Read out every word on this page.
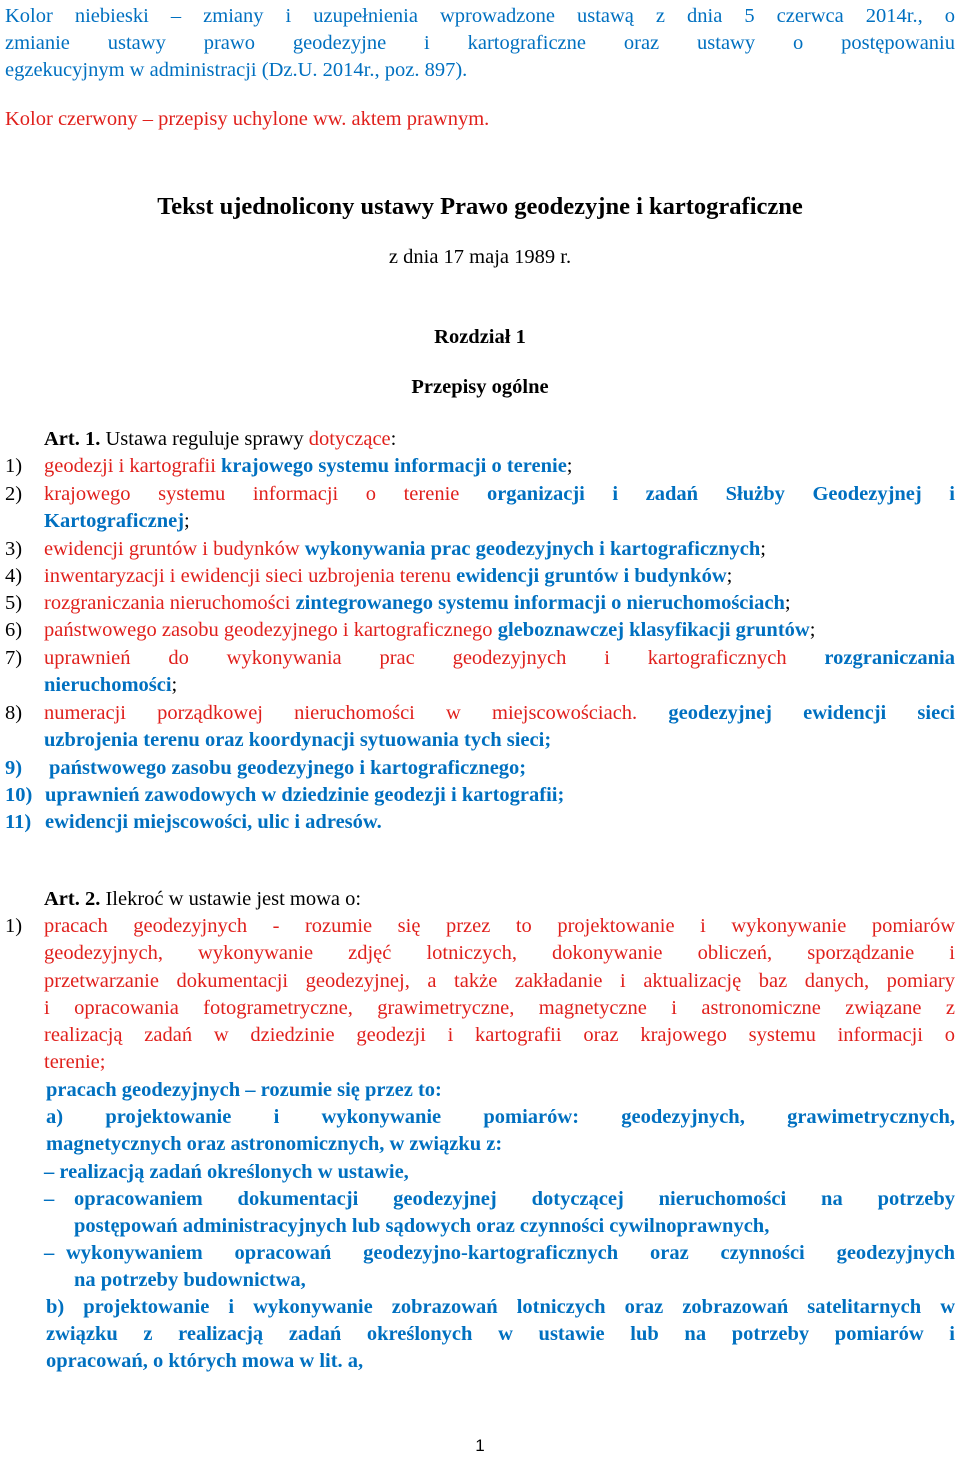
Kolor niebieski – zmiany i uzupełnienia wprowadzone ustawą z dnia 5 czerwca 2014r., o
zmianie ustawy prawo geodezyjne i kartograficzne oraz ustawy o postępowaniu
egzekucyjnym w administracji (Dz.U. 2014r., poz. 897).
Kolor czerwony – przepisy uchylone ww. aktem prawnym.
Tekst ujednolicony ustawy Prawo geodezyjne i kartograficzne
z dnia 17 maja 1989 r.
Rozdział 1
Przepisy ogólne
Art. 1. Ustawa reguluje sprawy dotyczące:
1) geodezji i kartografii krajowego systemu informacji o terenie;
2) krajowego systemu informacji o terenie organizacji i zadań Służby Geodezyjnej i
Kartograficznej;
3) ewidencji gruntów i budynków wykonywania prac geodezyjnych i kartograficznych;
4) inwentaryzacji i ewidencji sieci uzbrojenia terenu ewidencji gruntów i budynków;
5) rozgraniczania nieruchomości zintegrowanego systemu informacji o nieruchomościach;
6) państwowego zasobu geodezyjnego i kartograficznego gleboznawczej klasyfikacji gruntów;
7) uprawnień do wykonywania prac geodezyjnych i kartograficznych rozgraniczania
nieruchomości;
8) numeracji porządkowej nieruchomości w miejscowościach. geodezyjnej ewidencji sieci
uzbrojenia terenu oraz koordynacji sytuowania tych sieci;
9) państwowego zasobu geodezyjnego i kartograficznego;
10) uprawnień zawodowych w dziedzinie geodezji i kartografii;
11) ewidencji miejscowości, ulic i adresów.
Art. 2. Ilekroć w ustawie jest mowa o:
1) pracach geodezyjnych - rozumie się przez to projektowanie i wykonywanie pomiarów
geodezyjnych, wykonywanie zdjęć lotniczych, dokonywanie obliczeń, sporządzanie i
przetwarzanie dokumentacji geodezyjnej, a także zakładanie i aktualizację baz danych, pomiary
i opracowania fotogrametryczne, grawimetryczne, magnetyczne i astronomiczne związane z
realizacją zadań w dziedzinie geodezji i kartografii oraz krajowego systemu informacji o
terenie;
pracach geodezyjnych – rozumie się przez to:
a) projektowanie i wykonywanie pomiarów: geodezyjnych, grawimetrycznych,
magnetycznych oraz astronomicznych, w związku z:
– realizacją zadań określonych w ustawie,
– opracowaniem dokumentacji geodezyjnej dotyczącej nieruchomości na potrzeby
postępowań administracyjnych lub sądowych oraz czynności cywilnoprawnych,
– wykonywaniem opracowań geodezyjno-kartograficznych oraz czynności geodezyjnych
na potrzeby budownictwa,
b) projektowanie i wykonywanie zobrazowań lotniczych oraz zobrazowań satelitarnych w
związku z realizacją zadań określonych w ustawie lub na potrzeby pomiarów i
opracowań, o których mowa w lit. a,
1
